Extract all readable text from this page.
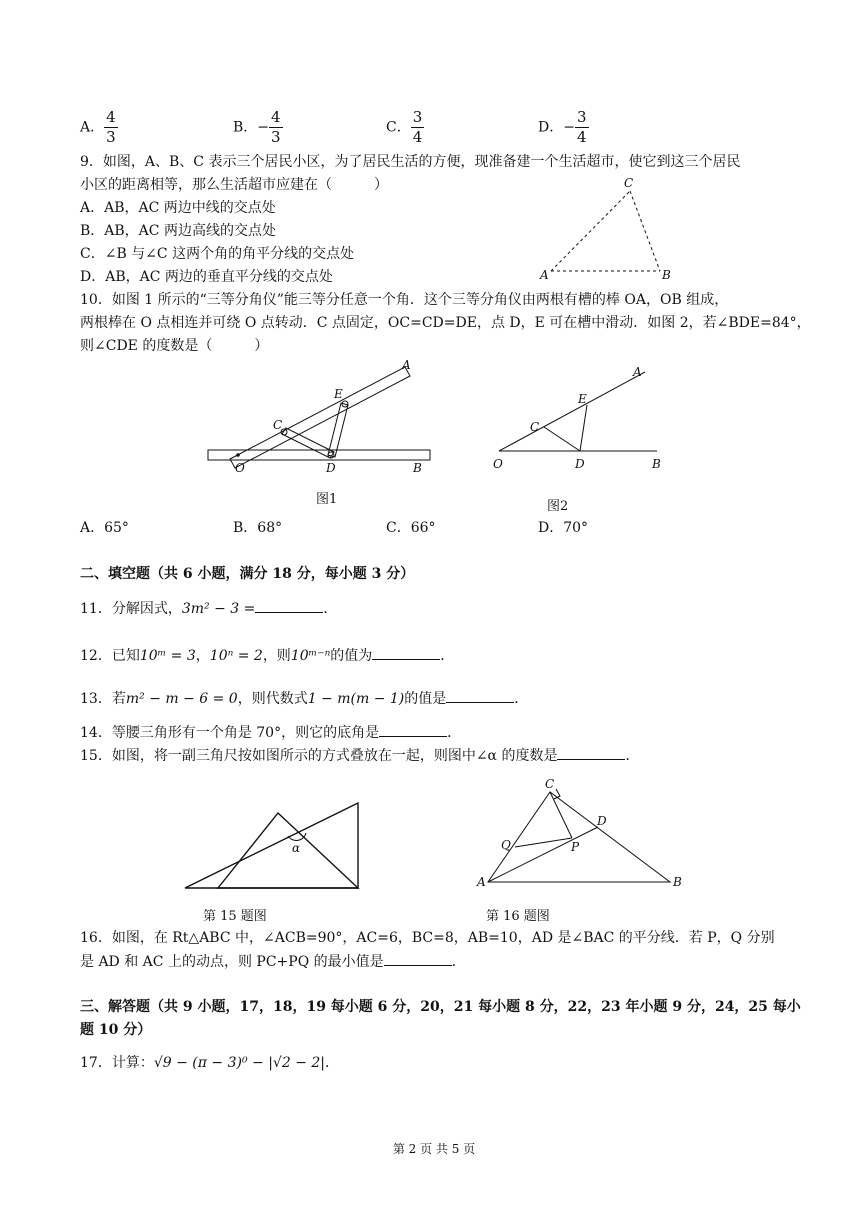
A． $\frac{4}{3}$	B．− $\frac{4}{3}$	C． $\frac{3}{4}$	D．− $\frac{3}{4}$
9．如图，A、B、C 表示三个居民小区，为了居民生活的方便，现准备建一个生活超市，使它到这三个居民
小区的距离相等，那么生活超市应建在（　　　）
A．AB，AC 两边中线的交点处
B．AB，AC 两边高线的交点处
C．∠B 与∠C 这两个角的角平分线的交点处
D．AB，AC 两边的垂直平分线的交点处	A	B
C
10．如图 1 所示的“三等分角仪”能三等分任意一个角．这个三等分角仪由两根有槽的棒 OA，OB 组成，
两根棒在 O 点相连并可绕 O 点转动．C 点固定，OC=CD=DE，点 D，E 可在槽中滑动．如图 2，若∠BDE=84°，
则∠CDE 的度数是（　　　）
O
A
B
C
D
E
图1
O
A
B
C
D
E
图2
A．65°	B．68°	C．66°	D．70°
二、填空题（共 6 小题，满分 18 分，每小题 3 分）
11．分解因式，3m² − 3 =	．
12．已知10ᵐ = 3，10ⁿ = 2，则10ᵐ⁻ⁿ的值为	．
13．若m² − m − 6 = 0，则代数式1 − m(m − 1)的值是	．
14．等腰三角形有一个角是 70°，则它的底角是	．
15．如图，将一副三角尺按如图所示的方式叠放在一起，则图中∠α 的度数是	．
α
第 15 题图
A	B
C
D
P
Q
第 16 题图
16．如图，在 Rt△ABC 中，∠ACB=90°，AC=6，BC=8，AB=10，AD 是∠BAC 的平分线．若 P，Q 分别
是 AD 和 AC 上的动点，则 PC+PQ 的最小值是	．
三、解答题（共 9 小题，17，18，19 每小题 6 分，20，21 每小题 8 分，22，23 年小题 9 分，24，25 每小
题 10 分）
17．计算：√9 − (π − 3)⁰ − |√2 − 2|．
第 2 页 共 5 页
